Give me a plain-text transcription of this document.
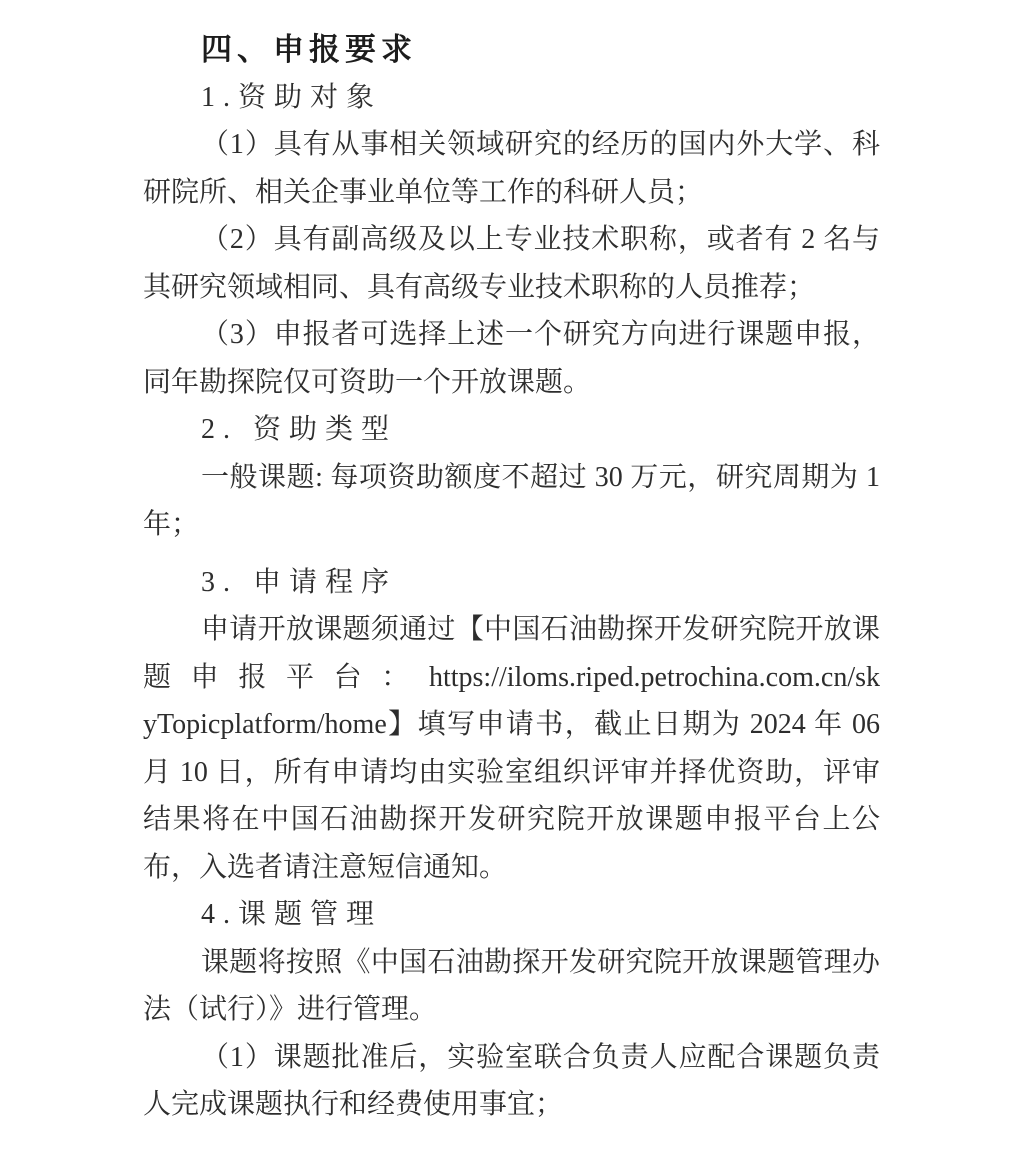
四、申报要求
1.资助对象
（1）具有从事相关领域研究的经历的国内外大学、科
研院所、相关企事业单位等工作的科研人员；
（2）具有副高级及以上专业技术职称，或者有 2 名与
其研究领域相同、具有高级专业技术职称的人员推荐；
（3）申报者可选择上述一个研究方向进行课题申报，
同年勘探院仅可资助一个开放课题。
2. 资助类型
一般课题: 每项资助额度不超过 30 万元，研究周期为 1
年；
3. 申请程序
申请开放课题须通过【中国石油勘探开发研究院开放课
题申报平台：https://iloms.riped.petrochina.com.cn/sk
yTopicplatform/home】填写申请书，截止日期为 2024 年 06
月 10 日，所有申请均由实验室组织评审并择优资助，评审
结果将在中国石油勘探开发研究院开放课题申报平台上公
布，入选者请注意短信通知。
4.课题管理
课题将按照《中国石油勘探开发研究院开放课题管理办
法（试行）》进行管理。
（1）课题批准后，实验室联合负责人应配合课题负责
人完成课题执行和经费使用事宜；
